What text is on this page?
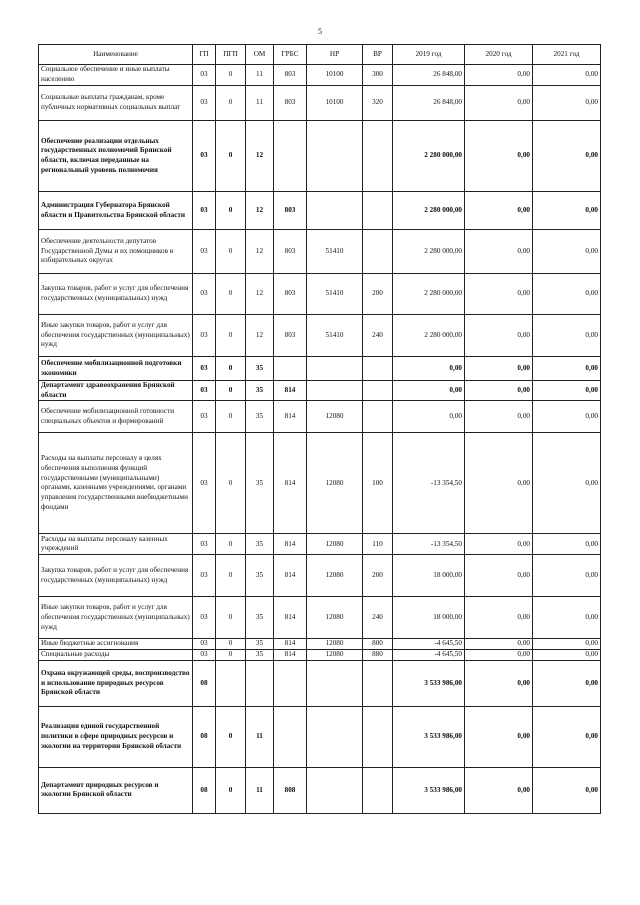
5
Наименование	ГП	ПГП	ОМ	ГРБС	НР	ВР	2019 год	2020 год	2021 год
Социальное обеспечение и иные выплаты населению	03	0	11	803	10100	300	26 848,00	0,00	0,00
Социальные выплаты гражданам, кроме публичных нормативных социальных выплат	03	0	11	803	10100	320	26 848,00	0,00	0,00
Обеспечение реализации отдельных государственных полномочий Брянской области, включая переданные на региональный уровень полномочия	03	0	12				2 280 000,00	0,00	0,00
Администрация Губернатора Брянской области и Правительства Брянской области	03	0	12	803			2 280 000,00	0,00	0,00
Обеспечение деятельности депутатов Государственной Думы и их помощников в избирательных округах	03	0	12	803	51410		2 280 000,00	0,00	0,00
Закупка товаров, работ и услуг для обеспечения государственных (муниципальных) нужд	03	0	12	803	51410	200	2 280 000,00	0,00	0,00
Иные закупки товаров, работ и услуг для обеспечения государственных (муниципальных) нужд	03	0	12	803	51410	240	2 280 000,00	0,00	0,00
Обеспечение мобилизационной подготовки экономики	03	0	35				0,00	0,00	0,00
Департамент здравоохранения Брянской области	03	0	35	814			0,00	0,00	0,00
Обеспечение мобилизационной готовности специальных объектов и формирований	03	0	35	814	12080		0,00	0,00	0,00
Расходы на выплаты персоналу в целях обеспечения выполнения функций государственными (муниципальными) органами, казенными учреждениями, органами управления государственными внебюджетными фондами	03	0	35	814	12080	100	-13 354,50	0,00	0,00
Расходы на выплаты персоналу казенных учреждений	03	0	35	814	12080	110	-13 354,50	0,00	0,00
Закупка товаров, работ и услуг для обеспечения государственных (муниципальных) нужд	03	0	35	814	12080	200	18 000,00	0,00	0,00
Иные закупки товаров, работ и услуг для обеспечения государственных (муниципальных) нужд	03	0	35	814	12080	240	18 000,00	0,00	0,00
Иные бюджетные ассигнования	03	0	35	814	12080	800	-4 645,50	0,00	0,00
Специальные расходы	03	0	35	814	12080	880	-4 645,50	0,00	0,00
Охрана окружающей среды, воспроизводство и использование природных ресурсов Брянской области	08						3 533 986,00	0,00	0,00
Реализация единой государственной политики в сфере природных ресурсов и экологии на территории Брянской области	08	0	11				3 533 986,00	0,00	0,00
Департамент природных ресурсов и экологии Брянской области	08	0	11	808			3 533 986,00	0,00	0,00
